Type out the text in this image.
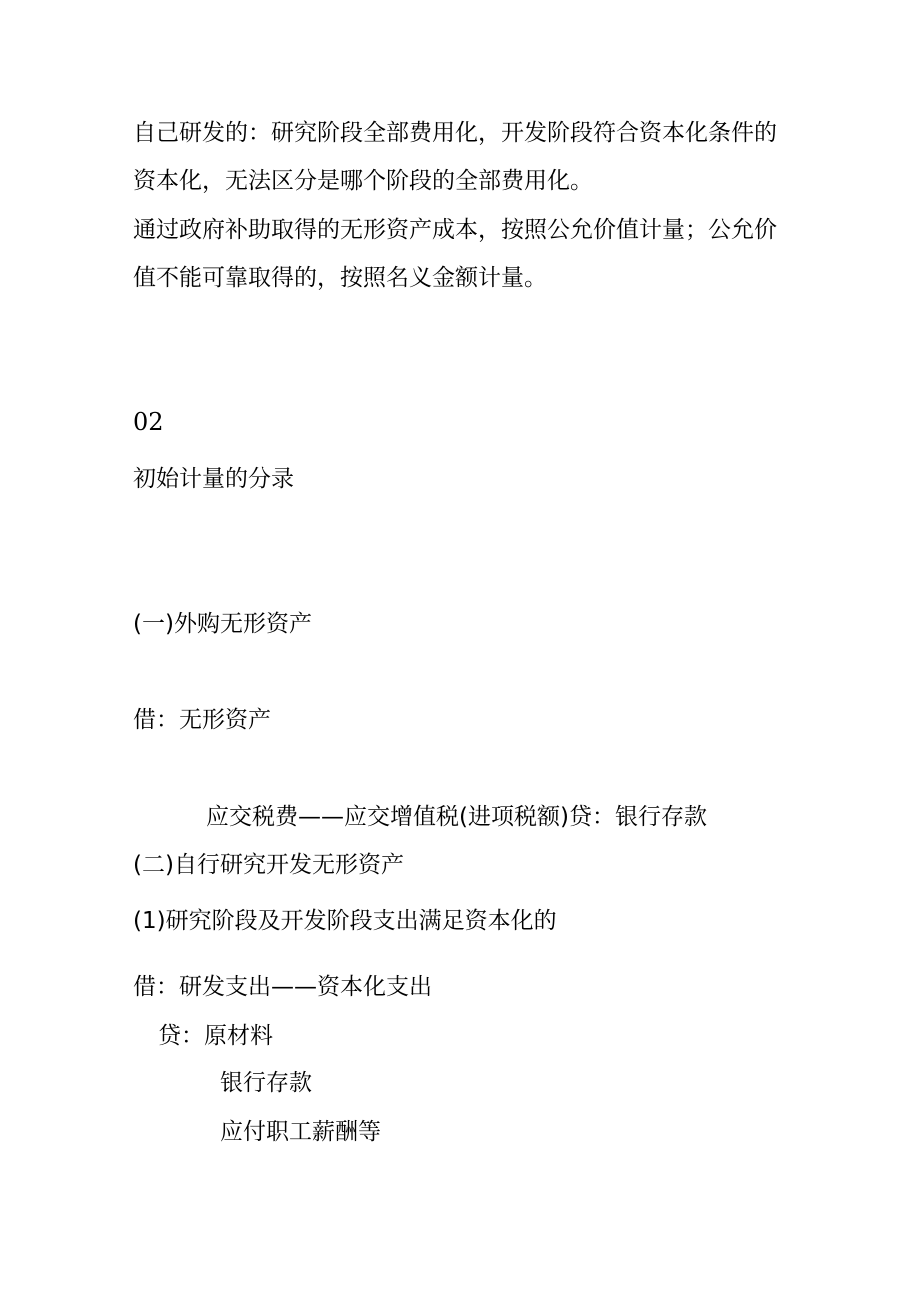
自己研发的：研究阶段全部费用化，开发阶段符合资本化条件的
资本化，无法区分是哪个阶段的全部费用化。
通过政府补助取得的无形资产成本，按照公允价值计量；公允价
值不能可靠取得的，按照名义金额计量。
02
初始计量的分录
(一)外购无形资产
借：无形资产
应交税费——应交增值税(进项税额)贷：银行存款
(二)自行研究开发无形资产
(1)研究阶段及开发阶段支出满足资本化的
借：研发支出——资本化支出
贷：原材料
银行存款
应付职工薪酬等
